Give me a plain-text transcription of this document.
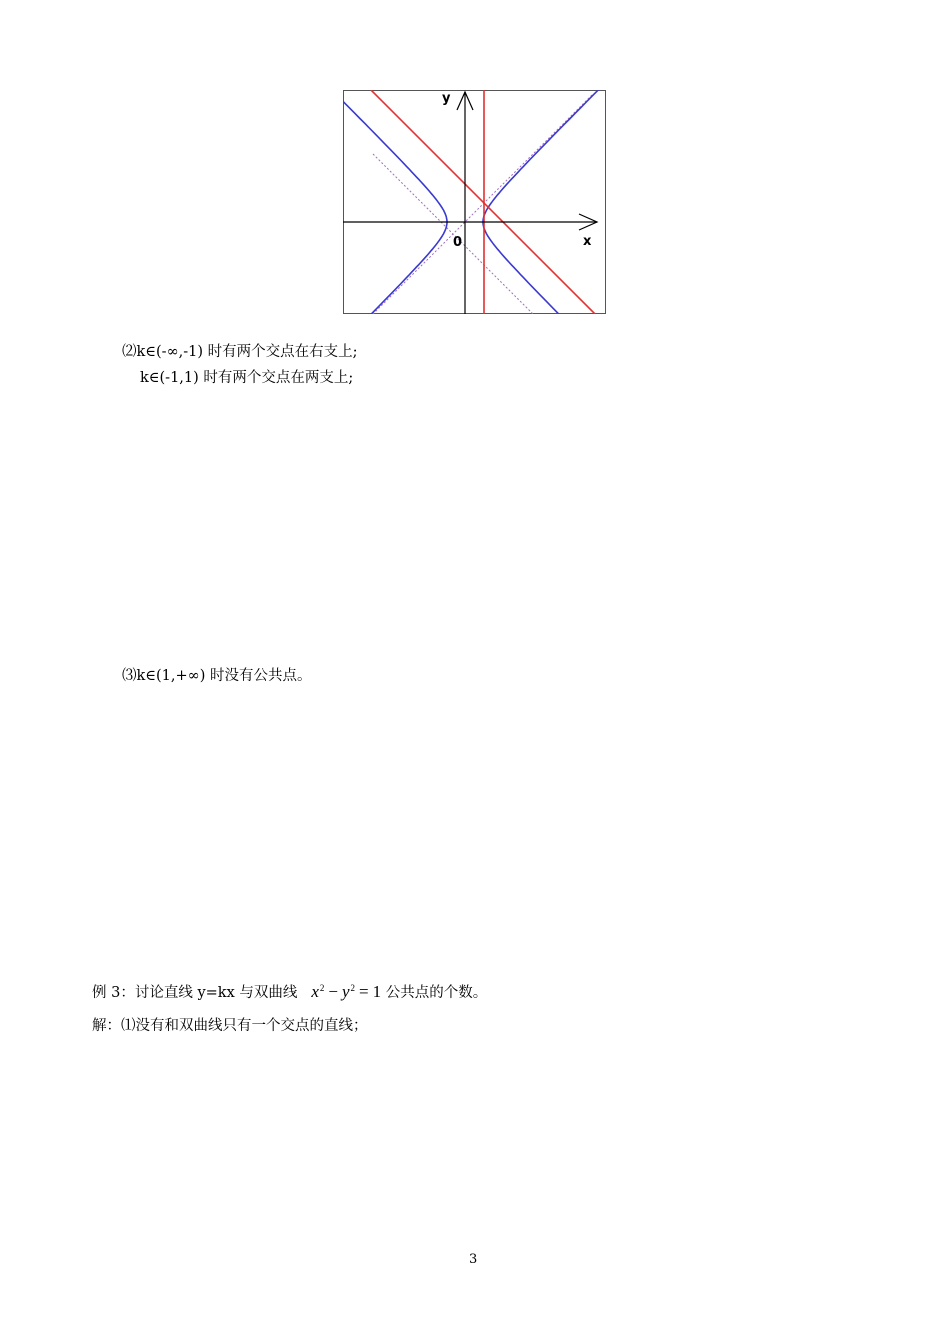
y
x
0
⑵k∈(-∞,-1) 时有两个交点在右支上;
k∈(-1,1) 时有两个交点在两支上;
⑶k∈(1,+∞) 时没有公共点。
例 3：讨论直线 y=kx 与双曲线 $x^2 - y^2 = 1$ 公共点的个数。
解：⑴没有和双曲线只有一个交点的直线；
3
